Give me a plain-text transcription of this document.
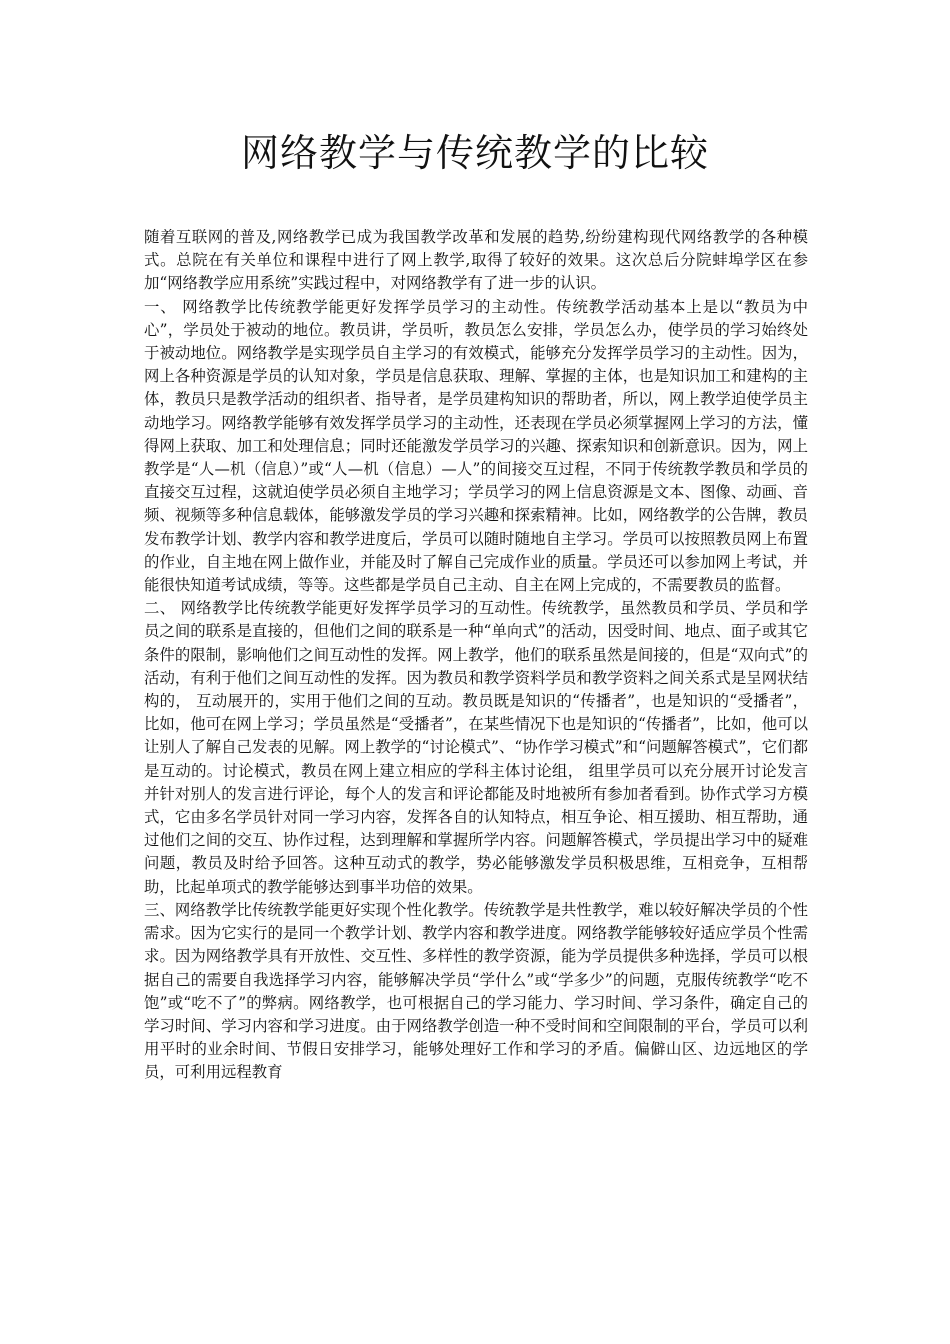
网络教学与传统教学的比较

随着互联网的普及,网络教学已成为我国教学改革和发展的趋势,纷纷建构现代网络教学的各种模式。总院在有关单位和课程中进行了网上教学,取得了较好的效果。这次总后分院蚌埠学区在参加“网络教学应用系统”实践过程中，对网络教学有了进一步的认识。

一、 网络教学比传统教学能更好发挥学员学习的主动性。传统教学活动基本上是以“教员为中心”，学员处于被动的地位。教员讲，学员听，教员怎么安排，学员怎么办，使学员的学习始终处于被动地位。网络教学是实现学员自主学习的有效模式，能够充分发挥学员学习的主动性。因为，网上各种资源是学员的认知对象，学员是信息获取、理解、掌握的主体，也是知识加工和建构的主体，教员只是教学活动的组织者、指导者，是学员建构知识的帮助者，所以，网上教学迫使学员主动地学习。网络教学能够有效发挥学员学习的主动性，还表现在学员必须掌握网上学习的方法，懂得网上获取、加工和处理信息；同时还能激发学员学习的兴趣、探索知识和创新意识。因为，网上教学是“人—机（信息）”或“人—机（信息）—人”的间接交互过程，不同于传统教学教员和学员的直接交互过程，这就迫使学员必须自主地学习；学员学习的网上信息资源是文本、图像、动画、音频、视频等多种信息载体，能够激发学员的学习兴趣和探索精神。比如，网络教学的公告牌，教员发布教学计划、教学内容和教学进度后，学员可以随时随地自主学习。学员可以按照教员网上布置的作业，自主地在网上做作业，并能及时了解自己完成作业的质量。学员还可以参加网上考试，并能很快知道考试成绩，等等。这些都是学员自己主动、自主在网上完成的，不需要教员的监督。

二、 网络教学比传统教学能更好发挥学员学习的互动性。传统教学，虽然教员和学员、学员和学员之间的联系是直接的，但他们之间的联系是一种“单向式”的活动，因受时间、地点、面子或其它条件的限制，影响他们之间互动性的发挥。网上教学，他们的联系虽然是间接的，但是“双向式”的活动，有利于他们之间互动性的发挥。因为教员和教学资料学员和教学资料之间关系式是呈网状结构的， 互动展开的，实用于他们之间的互动。教员既是知识的“传播者”，也是知识的“受播者”，比如，他可在网上学习；学员虽然是“受播者”，在某些情况下也是知识的“传播者”，比如，他可以让别人了解自己发表的见解。网上教学的“讨论模式”、“协作学习模式”和“问题解答模式”，它们都是互动的。讨论模式，教员在网上建立相应的学科主体讨论组， 组里学员可以充分展开讨论发言并针对别人的发言进行评论，每个人的发言和评论都能及时地被所有参加者看到。协作式学习方模式，它由多名学员针对同一学习内容，发挥各自的认知特点，相互争论、相互援助、相互帮助，通过他们之间的交互、协作过程，达到理解和掌握所学内容。问题解答模式，学员提出学习中的疑难问题，教员及时给予回答。这种互动式的教学，势必能够激发学员积极思维，互相竞争，互相帮助，比起单项式的教学能够达到事半功倍的效果。

三、网络教学比传统教学能更好实现个性化教学。传统教学是共性教学，难以较好解决学员的个性需求。因为它实行的是同一个教学计划、教学内容和教学进度。网络教学能够较好适应学员个性需求。因为网络教学具有开放性、交互性、多样性的教学资源，能为学员提供多种选择，学员可以根据自己的需要自我选择学习内容，能够解决学员“学什么”或“学多少”的问题，克服传统教学“吃不饱”或“吃不了”的弊病。网络教学，也可根据自己的学习能力、学习时间、学习条件，确定自己的学习时间、学习内容和学习进度。由于网络教学创造一种不受时间和空间限制的平台，学员可以利用平时的业余时间、节假日安排学习，能够处理好工作和学习的矛盾。偏僻山区、边远地区的学员，可利用远程教育
